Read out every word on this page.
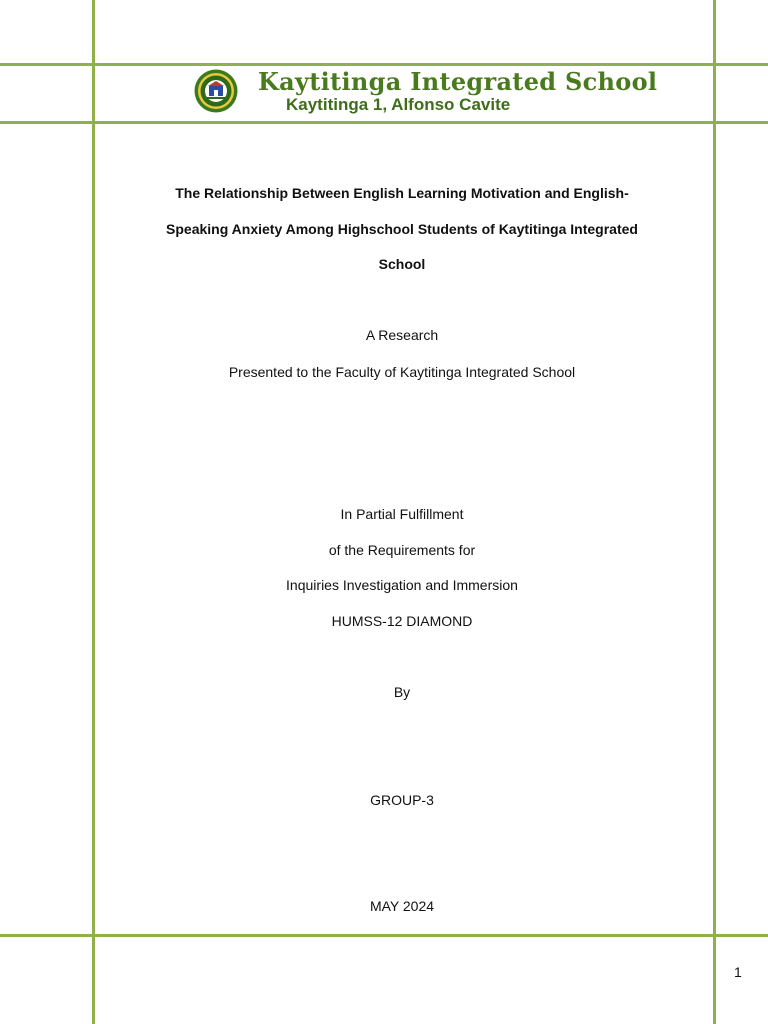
Kaytitinga Integrated School
Kaytitinga 1, Alfonso Cavite
The Relationship Between English Learning Motivation and English-
Speaking Anxiety Among Highschool Students of Kaytitinga Integrated
School
A Research
Presented to the Faculty of Kaytitinga Integrated School
In Partial Fulfillment
of the Requirements for
Inquiries Investigation and Immersion
HUMSS-12 DIAMOND
By
GROUP-3
MAY 2024
1
